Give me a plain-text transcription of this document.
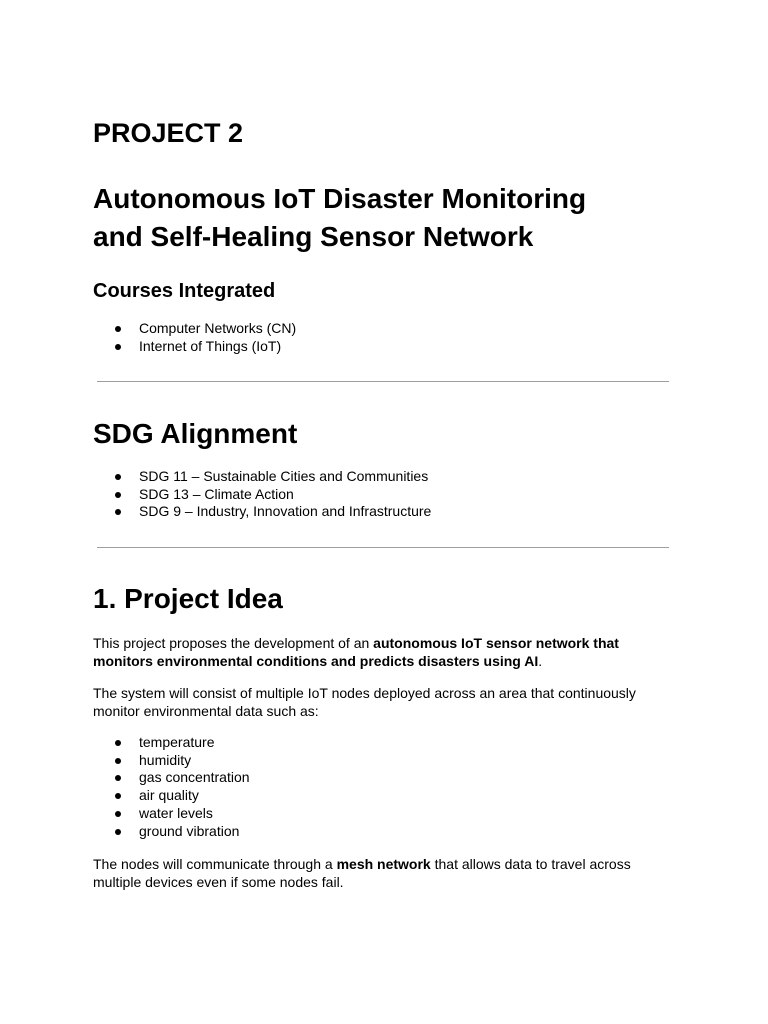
PROJECT 2
Autonomous IoT Disaster Monitoring
and Self-Healing Sensor Network
Courses Integrated
Computer Networks (CN)
Internet of Things (IoT)
SDG Alignment
SDG 11 – Sustainable Cities and Communities
SDG 13 – Climate Action
SDG 9 – Industry, Innovation and Infrastructure
1. Project Idea

This project proposes the development of an autonomous IoT sensor network that monitors environmental conditions and predicts disasters using AI.

The system will consist of multiple IoT nodes deployed across an area that continuously monitor environmental data such as:

temperature
humidity
gas concentration
air quality
water levels
ground vibration

The nodes will communicate through a mesh network that allows data to travel across multiple devices even if some nodes fail.
